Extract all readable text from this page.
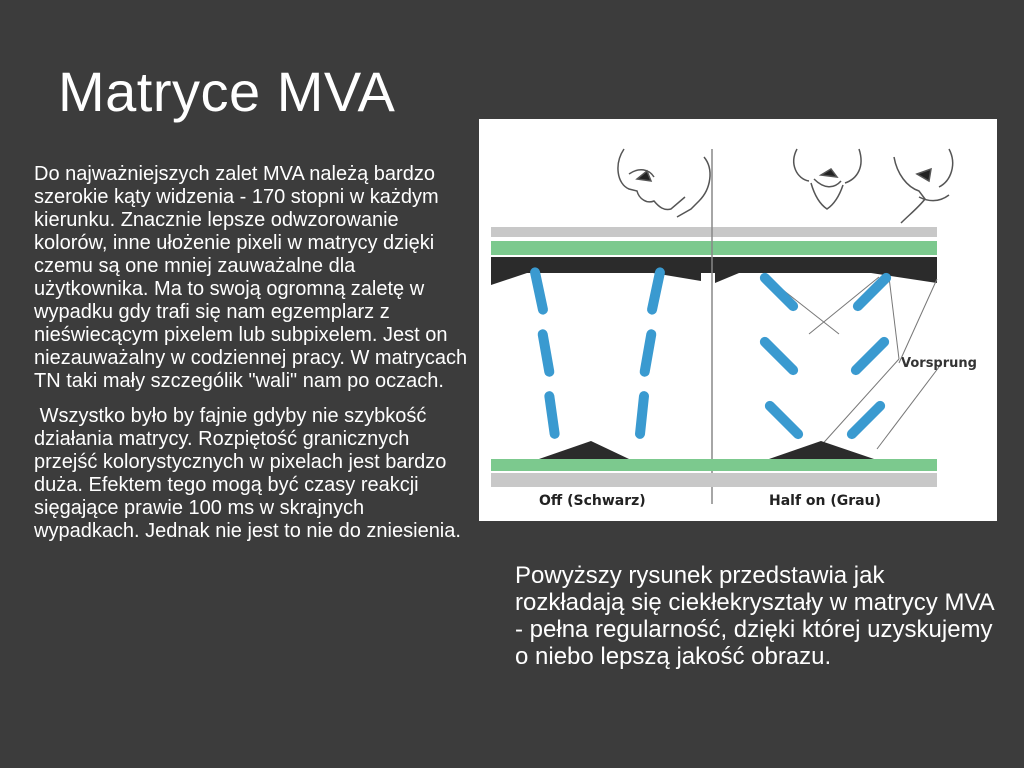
Matryce MVA

Do najważniejszych zalet MVA należą bardzo szerokie kąty widzenia - 170 stopni w każdym kierunku. Znacznie lepsze odwzorowanie kolorów, inne ułożenie pixeli w matrycy dzięki czemu są one mniej zauważalne dla użytkownika. Ma to swoją ogromną zaletę w wypadku gdy trafi się nam egzemplarz z nieświecącym pixelem lub subpixelem. Jest on niezauważalny w codziennej pracy. W matrycach TN taki mały szczególik "wali" nam po oczach.

Wszystko było by fajnie gdyby nie szybkość działania matrycy. Rozpiętość granicznych przejść kolorystycznych w pixelach jest bardzo duża. Efektem tego mogą być czasy reakcji sięgające prawie 100 ms w skrajnych wypadkach. Jednak nie jest to nie do zniesienia.

Vorsprung
Off (Schwarz)	Half on (Grau)
Powyższy rysunek przedstawia jak rozkładają się ciekłekryształy w matrycy MVA - pełna regularność, dzięki której uzyskujemy o niebo lepszą jakość obrazu.
